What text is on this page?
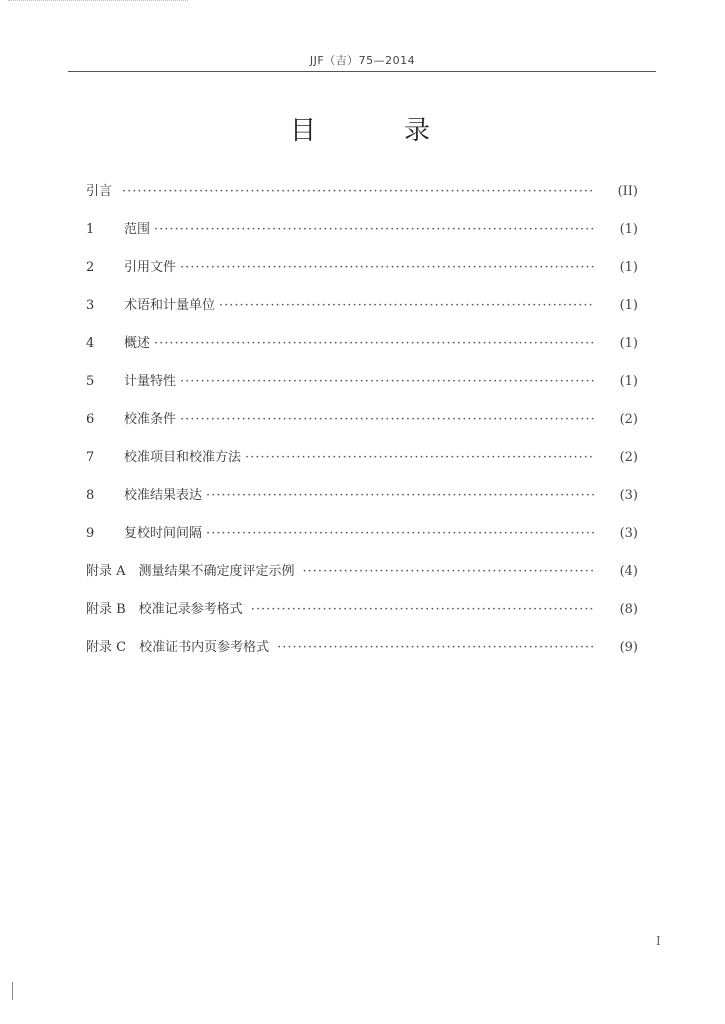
JJF（吉）75—2014
目	录
引言 ·····	(II)
1	范围 ·····	(1)
2	引用文件 ·····	(1)
3	术语和计量单位 ·····	(1)
4	概述 ·····	(1)
5	计量特性 ·····	(1)
6	校准条件 ·····	(2)
7	校准项目和校准方法 ·····	(2)
8	校准结果表达 ·····	(3)
9	复校时间间隔 ·····	(3)
附录 A　测量结果不确定度评定示例 ·····	(4)
附录 B　校准记录参考格式 ·····	(8)
附录 C　校准证书内页参考格式 ·····	(9)
I
